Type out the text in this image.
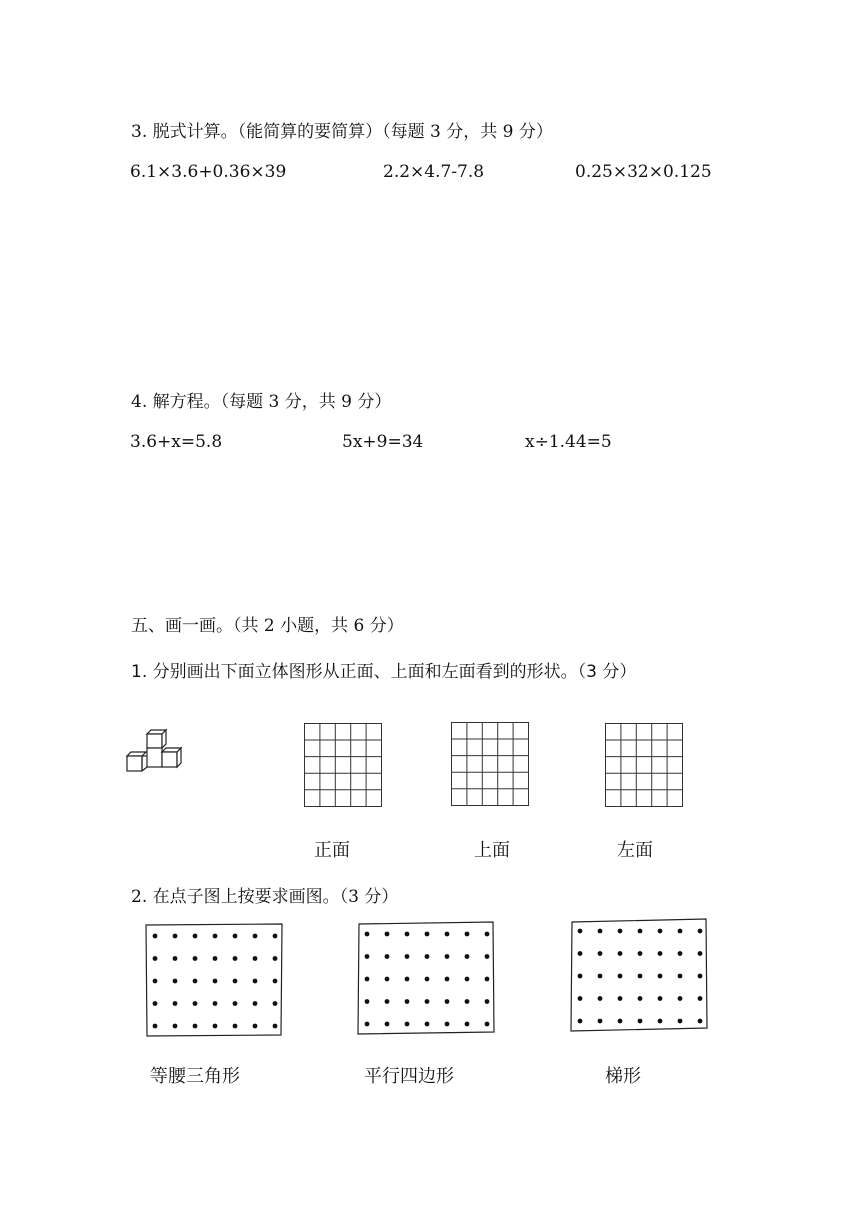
3. 脱式计算。（能简算的要简算）（每题 3 分，共 9 分）
6.1×3.6+0.36×39	2.2×4.7-7.8	0.25×32×0.125
4. 解方程。（每题 3 分，共 9 分）
3.6+x=5.8	5x+9=34	x÷1.44=5
五、画一画。（共 2 小题，共 6 分）
1. 分别画出下面立体图形从正面、上面和左面看到的形状。（3 分）
正面	上面	左面
2. 在点子图上按要求画图。（3 分）
等腰三角形	平行四边形	梯形
